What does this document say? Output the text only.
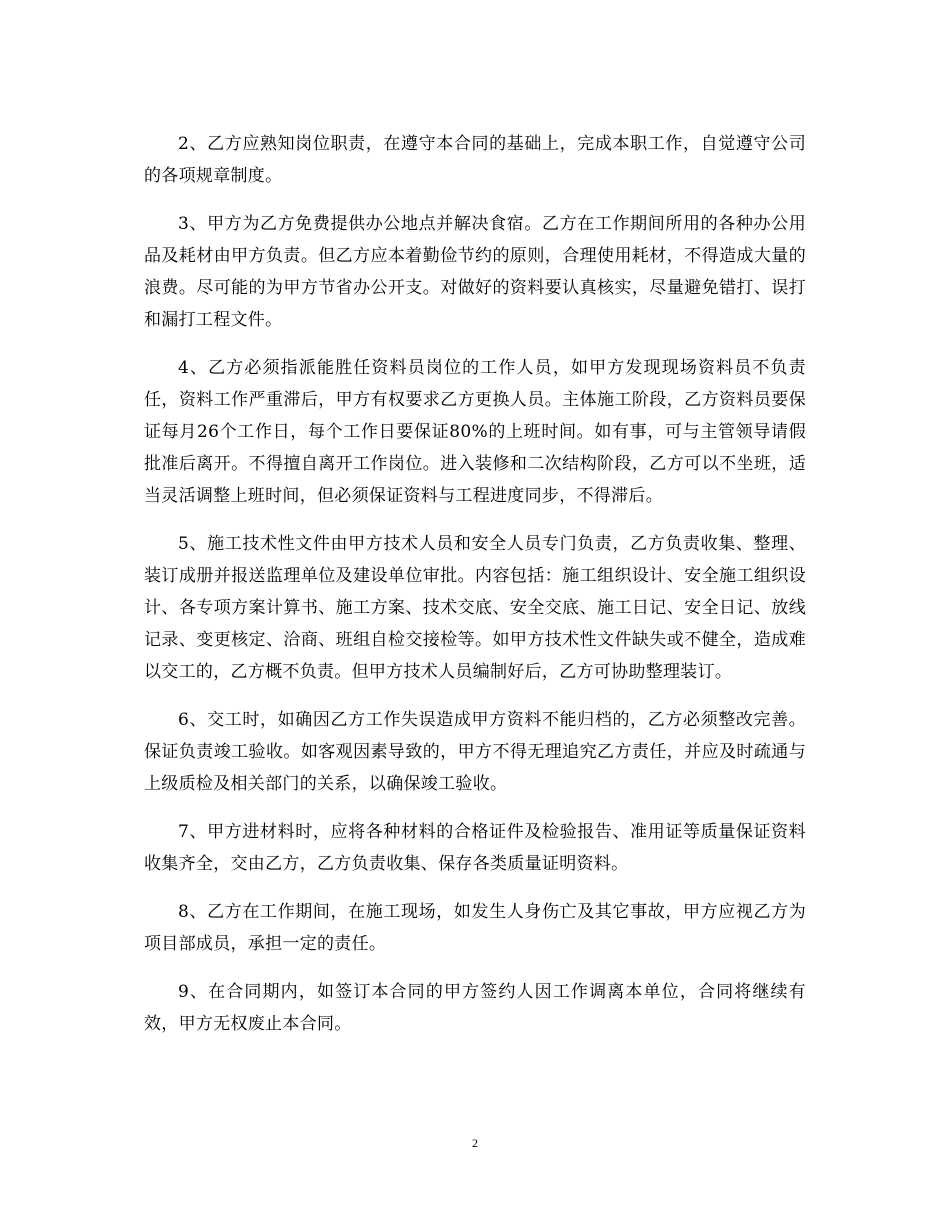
2、乙方应熟知岗位职责，在遵守本合同的基础上，完成本职工作，自觉遵守公司的各项规章制度。

3、甲方为乙方免费提供办公地点并解决食宿。乙方在工作期间所用的各种办公用品及耗材由甲方负责。但乙方应本着勤俭节约的原则，合理使用耗材，不得造成大量的浪费。尽可能的为甲方节省办公开支。对做好的资料要认真核实，尽量避免错打、误打和漏打工程文件。

4、乙方必须指派能胜任资料员岗位的工作人员，如甲方发现现场资料员不负责任，资料工作严重滞后，甲方有权要求乙方更换人员。主体施工阶段，乙方资料员要保证每月26个工作日，每个工作日要保证80%的上班时间。如有事，可与主管领导请假批准后离开。不得擅自离开工作岗位。进入装修和二次结构阶段，乙方可以不坐班，适当灵活调整上班时间，但必须保证资料与工程进度同步，不得滞后。

5、施工技术性文件由甲方技术人员和安全人员专门负责，乙方负责收集、整理、装订成册并报送监理单位及建设单位审批。内容包括：施工组织设计、安全施工组织设计、各专项方案计算书、施工方案、技术交底、安全交底、施工日记、安全日记、放线记录、变更核定、洽商、班组自检交接检等。如甲方技术性文件缺失或不健全，造成难以交工的，乙方概不负责。但甲方技术人员编制好后，乙方可协助整理装订。

6、交工时，如确因乙方工作失误造成甲方资料不能归档的，乙方必须整改完善。保证负责竣工验收。如客观因素导致的，甲方不得无理追究乙方责任，并应及时疏通与上级质检及相关部门的关系，以确保竣工验收。

7、甲方进材料时，应将各种材料的合格证件及检验报告、准用证等质量保证资料收集齐全，交由乙方，乙方负责收集、保存各类质量证明资料。

8、乙方在工作期间，在施工现场，如发生人身伤亡及其它事故，甲方应视乙方为项目部成员，承担一定的责任。

9、在合同期内，如签订本合同的甲方签约人因工作调离本单位，合同将继续有效，甲方无权废止本合同。

2
